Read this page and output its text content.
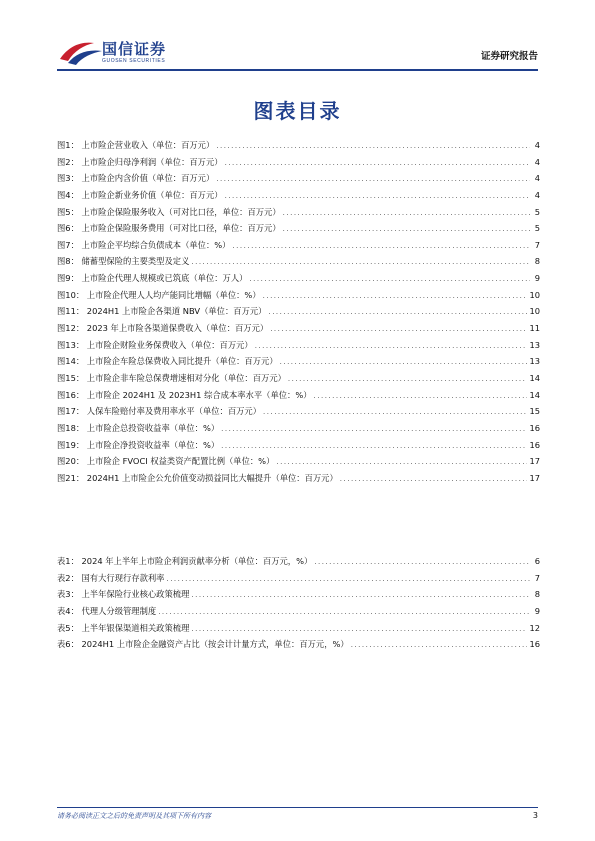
国信证券
GUOSEN SECURITIES	证券研究报告
图表目录
图1： 上市险企营业收入（单位：百万元） .....	4
图2： 上市险企归母净利润（单位：百万元） .....	4
图3： 上市险企内含价值（单位：百万元） .....	4
图4： 上市险企新业务价值（单位：百万元） .....	4
图5： 上市险企保险服务收入（可对比口径，单位：百万元） .....	5
图6： 上市险企保险服务费用（可对比口径，单位：百万元） .....	5
图7： 上市险企平均综合负债成本（单位：%） .....	7
图8： 储蓄型保险的主要类型及定义 .....	8
图9： 上市险企代理人规模或已筑底（单位：万人） .....	9
图10： 上市险企代理人人均产能同比增幅（单位：%） .....	10
图11： 2024H1 上市险企各渠道 NBV（单位：百万元） .....	10
图12： 2023 年上市险各渠道保费收入（单位：百万元） .....	11
图13： 上市险企财险业务保费收入（单位：百万元） .....	13
图14： 上市险企车险总保费收入同比提升（单位：百万元） .....	13
图15： 上市险企非车险总保费增速相对分化（单位：百万元） .....	14
图16： 上市险企 2024H1 及 2023H1 综合成本率水平（单位：%） .....	14
图17： 人保车险赔付率及费用率水平（单位：百万元） .....	15
图18： 上市险企总投资收益率（单位：%） .....	16
图19： 上市险企净投资收益率（单位：%） .....	16
图20： 上市险企 FVOCI 权益类资产配置比例（单位：%） .....	17
图21： 2024H1 上市险企公允价值变动损益同比大幅提升（单位：百万元） .....	17
表1： 2024 年上半年上市险企利润贡献率分析（单位：百万元，%） .....	6
表2： 国有大行现行存款利率 .....	7
表3： 上半年保险行业核心政策梳理 .....	8
表4： 代理人分级管理制度 .....	9
表5： 上半年银保渠道相关政策梳理 .....	12
表6： 2024H1 上市险企金融资产占比（按会计计量方式，单位：百万元，%） .....	16
请务必阅读正文之后的免责声明及其项下所有内容	3
